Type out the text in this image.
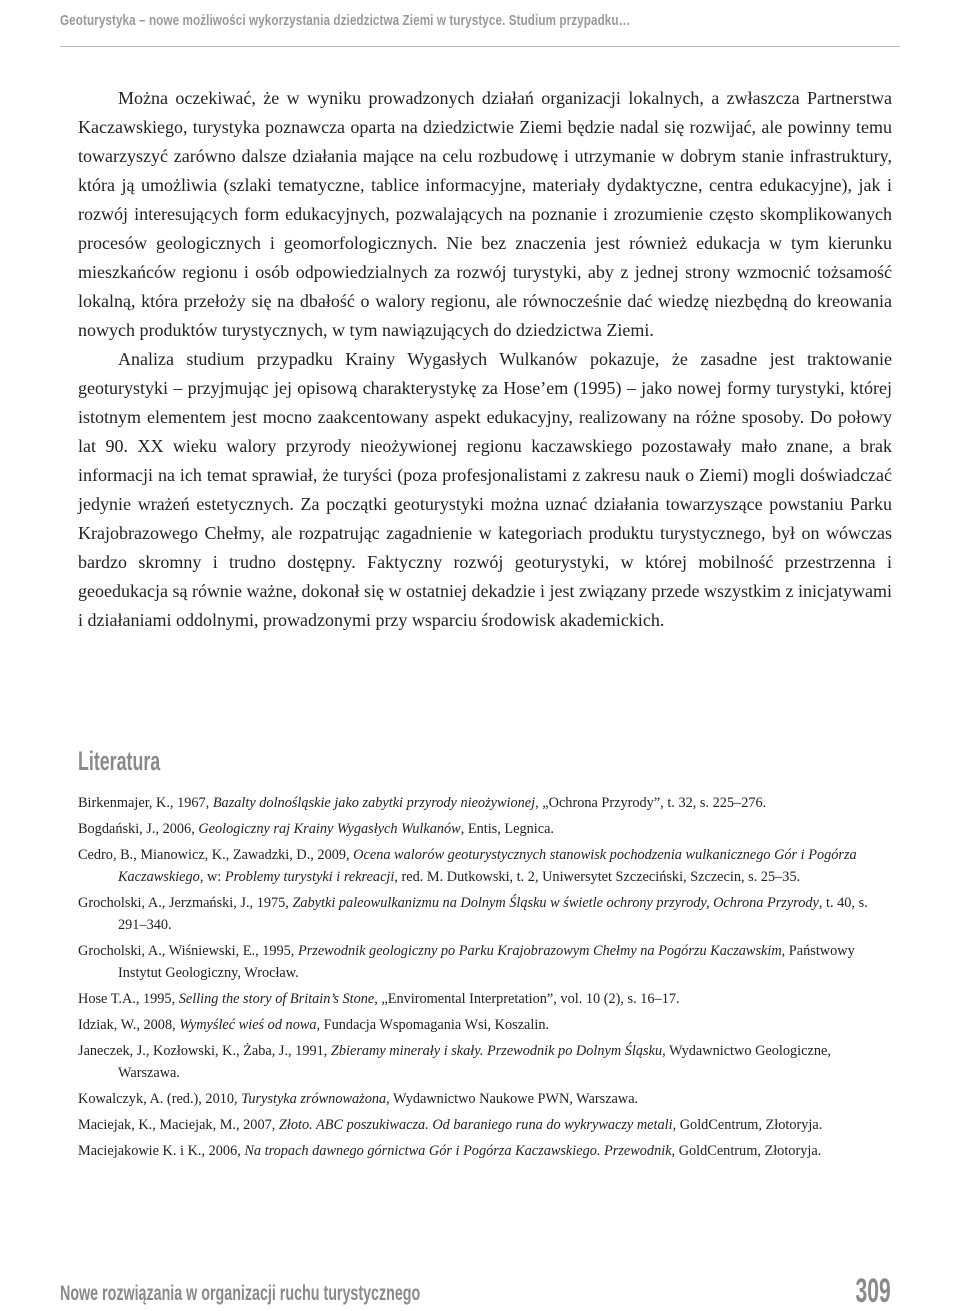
Geoturystyka – nowe możliwości wykorzystania dziedzictwa Ziemi w turystyce. Studium przypadku…

Można oczekiwać, że w wyniku prowadzonych działań organizacji lokalnych, a zwłaszcza Partnerstwa Kaczawskiego, turystyka poznawcza oparta na dziedzictwie Ziemi będzie nadal się rozwijać, ale powinny temu towarzyszyć zarówno dalsze działania mające na celu rozbudowę i utrzymanie w dobrym stanie infrastruktury, która ją umożliwia (szlaki tematyczne, tablice informacyjne, materiały dydaktyczne, centra edukacyjne), jak i rozwój interesujących form edukacyjnych, pozwalających na poznanie i zrozumienie często skomplikowanych procesów geologicznych i geomorfologicznych. Nie bez znaczenia jest również edukacja w tym kierunku mieszkańców regionu i osób odpowiedzialnych za rozwój turystyki, aby z jednej strony wzmocnić tożsamość lokalną, która przełoży się na dbałość o walory regionu, ale równocześnie dać wiedzę niezbędną do kreowania nowych produktów turystycznych, w tym nawiązujących do dziedzictwa Ziemi.

Analiza studium przypadku Krainy Wygasłych Wulkanów pokazuje, że zasadne jest traktowanie geoturystyki – przyjmując jej opisową charakterystykę za Hose’em (1995) – jako nowej formy turystyki, której istotnym elementem jest mocno zaakcentowany aspekt edukacyjny, realizowany na różne sposoby. Do połowy lat 90. XX wieku walory przyrody nieożywionej regionu kaczawskiego pozostawały mało znane, a brak informacji na ich temat sprawiał, że turyści (poza profesjonalistami z zakresu nauk o Ziemi) mogli doświadczać jedynie wrażeń estetycznych. Za początki geoturystyki można uznać działania towarzyszące powstaniu Parku Krajobrazowego Chełmy, ale rozpatrując zagadnienie w kategoriach produktu turystycznego, był on wówczas bardzo skromny i trudno dostępny. Faktyczny rozwój geoturystyki, w której mobilność przestrzenna i geoedukacja są równie ważne, dokonał się w ostatniej dekadzie i jest związany przede wszystkim z inicjatywami i działaniami oddolnymi, prowadzonymi przy wsparciu środowisk akademickich.

Literatura

Birkenmajer, K., 1967, Bazalty dolnośląskie jako zabytki przyrody nieożywionej, „Ochrona Przyrody”, t. 32, s. 225–276.

Bogdański, J., 2006, Geologiczny raj Krainy Wygasłych Wulkanów, Entis, Legnica.

Cedro, B., Mianowicz, K., Zawadzki, D., 2009, Ocena walorów geoturystycznych stanowisk pochodzenia wulkanicznego Gór i Pogórza Kaczawskiego, w: Problemy turystyki i rekreacji, red. M. Dutkowski, t. 2, Uniwersytet Szczeciński, Szczecin, s. 25–35.

Grocholski, A., Jerzmański, J., 1975, Zabytki paleowulkanizmu na Dolnym Śląsku w świetle ochrony przyrody, Ochrona Przyrody, t. 40, s. 291–340.

Grocholski, A., Wiśniewski, E., 1995, Przewodnik geologiczny po Parku Krajobrazowym Chełmy na Pogórzu Kaczawskim, Państwowy Instytut Geologiczny, Wrocław.

Hose T.A., 1995, Selling the story of Britain’s Stone, „Enviromental Interpretation”, vol. 10 (2), s. 16–17.

Idziak, W., 2008, Wymyśleć wieś od nowa, Fundacja Wspomagania Wsi, Koszalin.

Janeczek, J., Kozłowski, K., Żaba, J., 1991, Zbieramy minerały i skały. Przewodnik po Dolnym Śląsku, Wydawnictwo Geologiczne, Warszawa.

Kowalczyk, A. (red.), 2010, Turystyka zrównoważona, Wydawnictwo Naukowe PWN, Warszawa.

Maciejak, K., Maciejak, M., 2007, Złoto. ABC poszukiwacza. Od baraniego runa do wykrywaczy metali, GoldCentrum, Złotoryja.

Maciejakowie K. i K., 2006, Na tropach dawnego górnictwa Gór i Pogórza Kaczawskiego. Przewodnik, GoldCentrum, Złotoryja.

Nowe rozwiązania w organizacji ruchu turystycznego	309
